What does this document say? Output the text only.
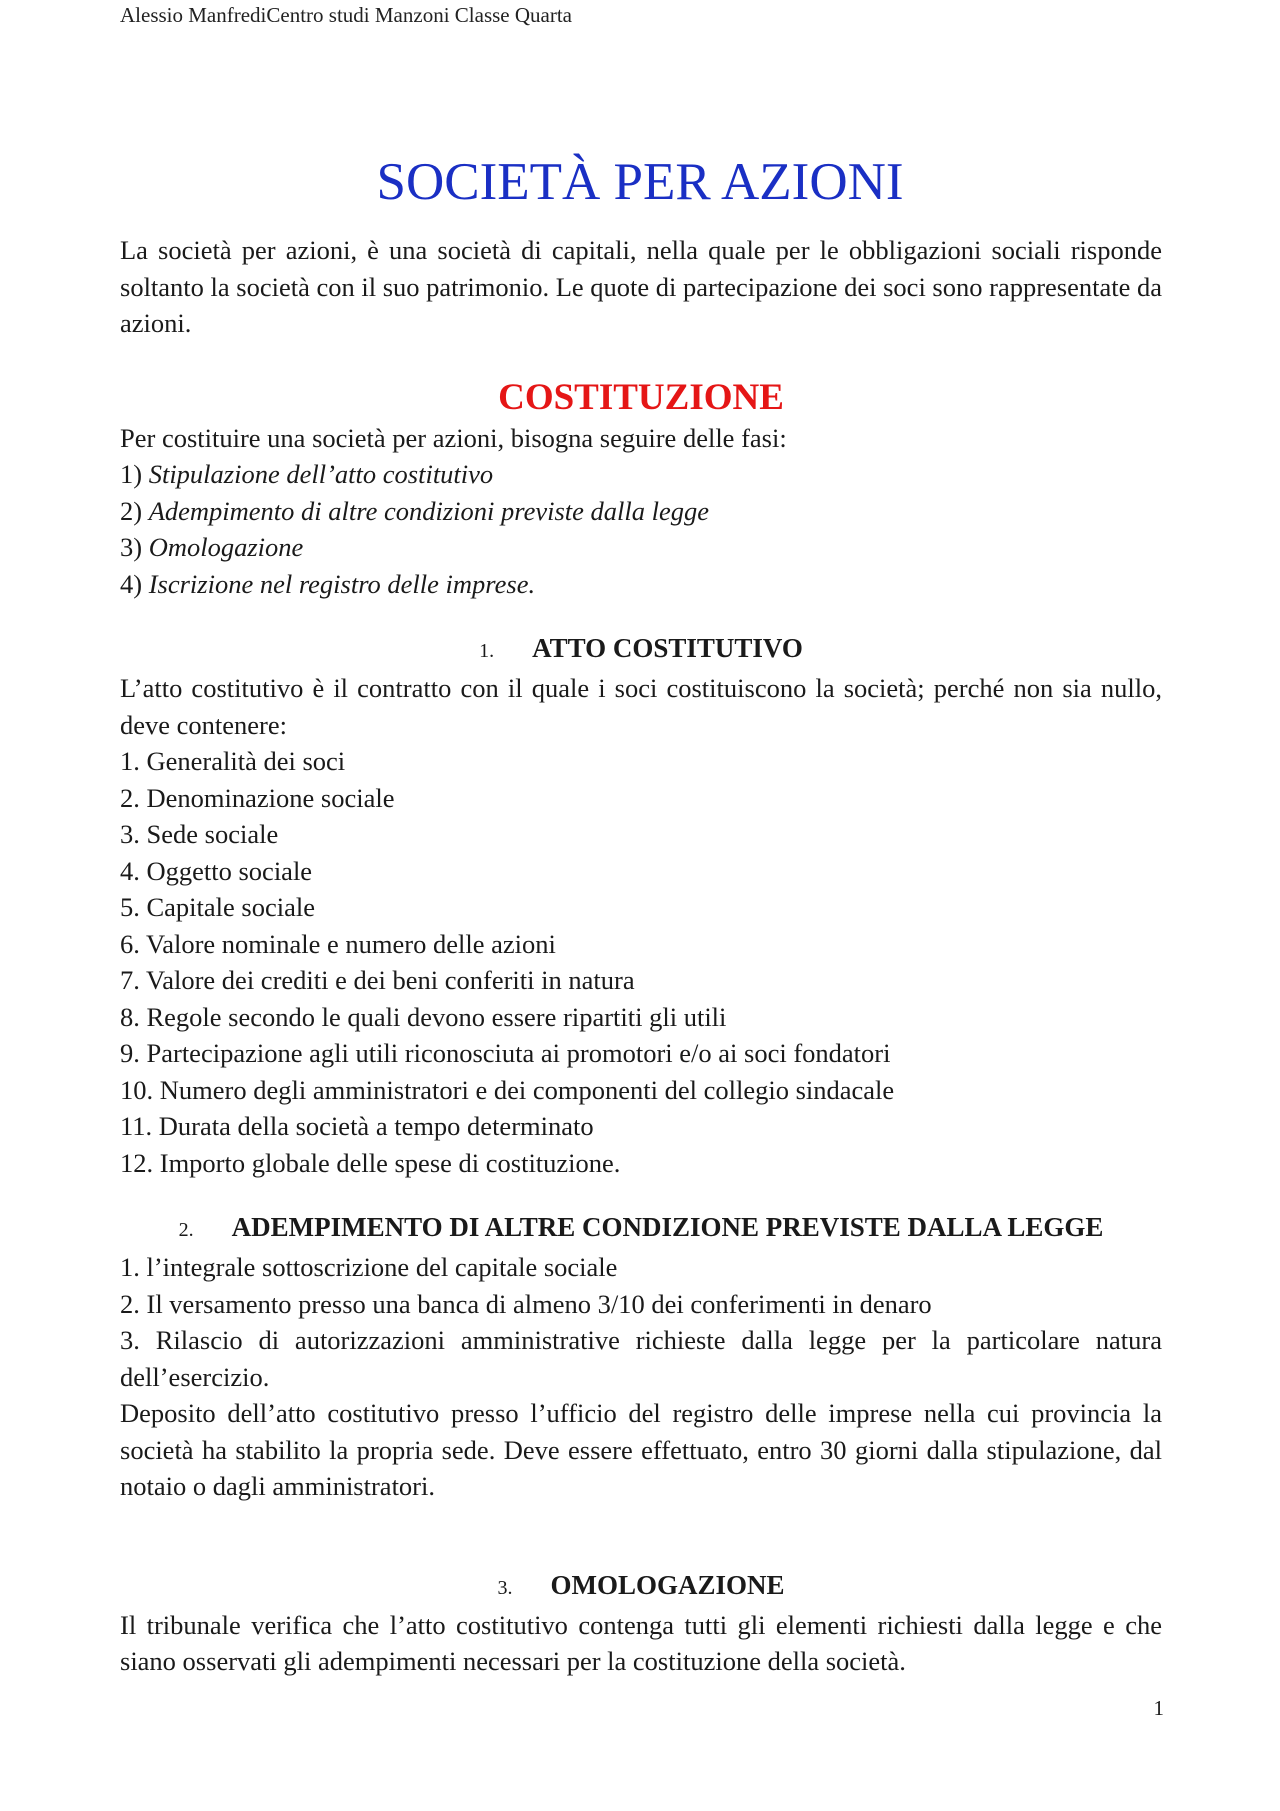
Alessio ManfrediCentro studi Manzoni Classe Quarta
SOCIETÀ PER AZIONI

La società per azioni, è una società di capitali, nella quale per le obbligazioni sociali risponde soltanto la società con il suo patrimonio. Le quote di partecipazione dei soci sono rappresentate da azioni.

COSTITUZIONE

Per costituire una società per azioni, bisogna seguire delle fasi:

1) Stipulazione dell’atto costitutivo
2) Adempimento di altre condizioni previste dalla legge
3) Omologazione
4) Iscrizione nel registro delle imprese.
1. ATTO COSTITUTIVO

L’atto costitutivo è il contratto con il quale i soci costituiscono la società; perché non sia nullo, deve contenere:

1. Generalità dei soci
2. Denominazione sociale
3. Sede sociale
4. Oggetto sociale
5. Capitale sociale
6. Valore nominale e numero delle azioni
7. Valore dei crediti e dei beni conferiti in natura
8. Regole secondo le quali devono essere ripartiti gli utili
9. Partecipazione agli utili riconosciuta ai promotori e/o ai soci fondatori
10. Numero degli amministratori e dei componenti del collegio sindacale
11. Durata della società a tempo determinato
12. Importo globale delle spese di costituzione.
2. ADEMPIMENTO DI ALTRE CONDIZIONE PREVISTE DALLA LEGGE
1. l’integrale sottoscrizione del capitale sociale
2. Il versamento presso una banca di almeno 3/10 dei conferimenti in denaro
3. Rilascio di autorizzazioni amministrative richieste dalla legge per la particolare natura dell’esercizio.

Deposito dell’atto costitutivo presso l’ufficio del registro delle imprese nella cui provincia la società ha stabilito la propria sede. Deve essere effettuato, entro 30 giorni dalla stipulazione, dal notaio o dagli amministratori.

3. OMOLOGAZIONE

Il tribunale verifica che l’atto costitutivo contenga tutti gli elementi richiesti dalla legge e che siano osservati gli adempimenti necessari per la costituzione della società.

1
